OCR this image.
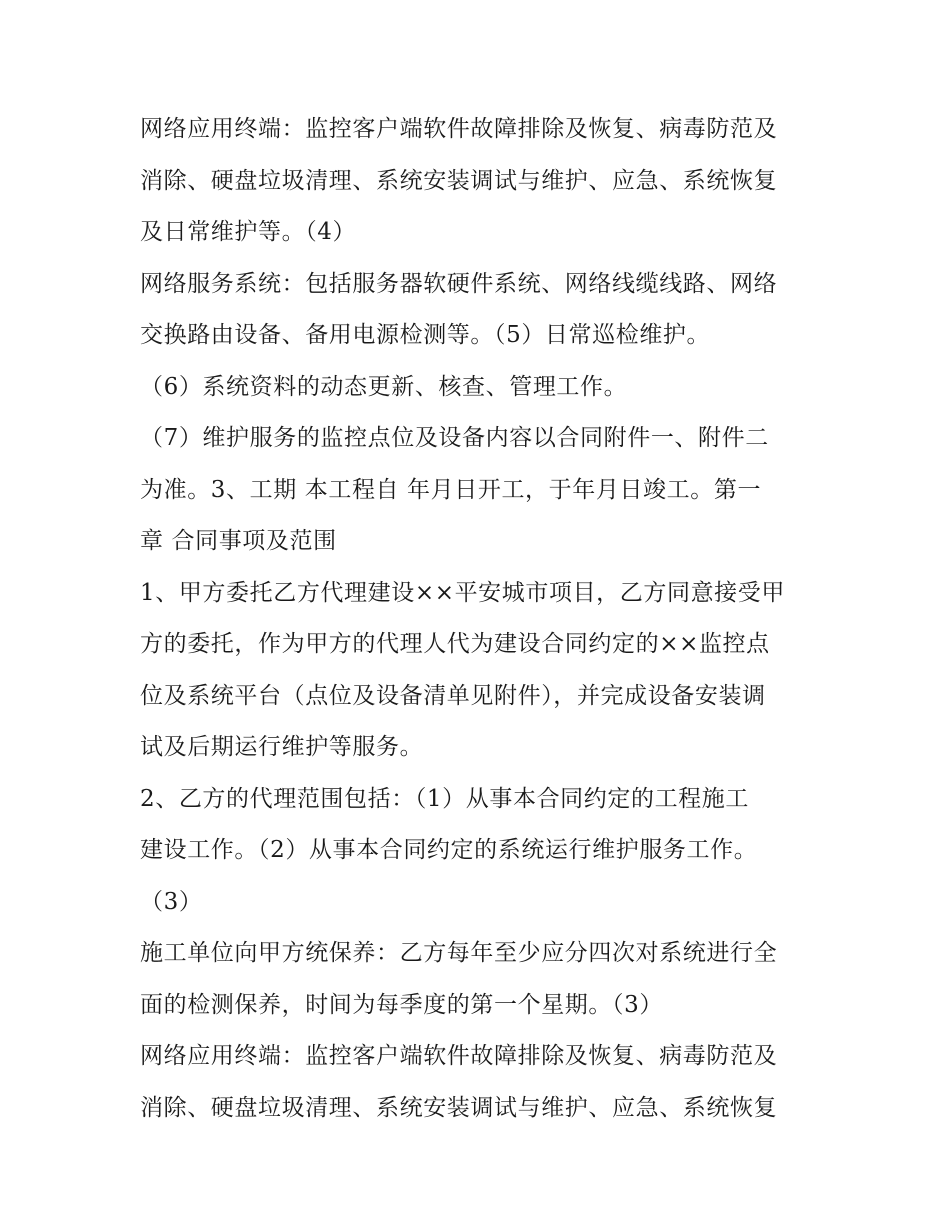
网络应用终端：监控客户端软件故障排除及恢复、病毒防范及
消除、硬盘垃圾清理、系统安装调试与维护、应急、系统恢复
及日常维护等。（4）
网络服务系统：包括服务器软硬件系统、网络线缆线路、网络
交换路由设备、备用电源检测等。（5）日常巡检维护。
（6）系统资料的动态更新、核查、管理工作。
（7）维护服务的监控点位及设备内容以合同附件一、附件二
为准。3、工期 本工程自 年月日开工，于年月日竣工。第一
章 合同事项及范围
1、甲方委托乙方代理建设××平安城市项目，乙方同意接受甲
方的委托，作为甲方的代理人代为建设合同约定的××监控点
位及系统平台（点位及设备清单见附件），并完成设备安装调
试及后期运行维护等服务。
2、乙方的代理范围包括：（1）从事本合同约定的工程施工
建设工作。（2）从事本合同约定的系统运行维护服务工作。
（3）
施工单位向甲方统保养：乙方每年至少应分四次对系统进行全
面的检测保养，时间为每季度的第一个星期。（3）
网络应用终端：监控客户端软件故障排除及恢复、病毒防范及
消除、硬盘垃圾清理、系统安装调试与维护、应急、系统恢复
